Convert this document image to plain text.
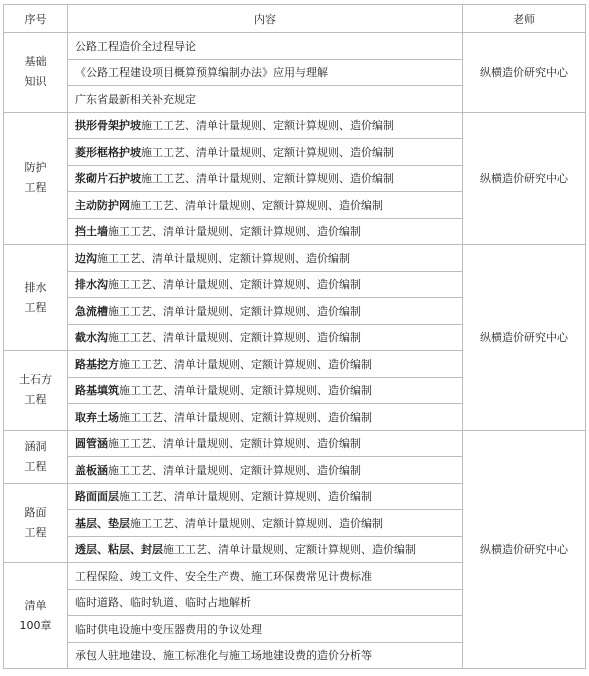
序号	内容	老师

基础
知识	公路工程造价全过程导论	纵横造价研究中心
	《公路工程建设项目概算预算编制办法》应用与理解	
	广东省最新相关补充规定	

防护
工程	拱形骨架护坡施工工艺、清单计量规则、定额计算规则、造价编制	纵横造价研究中心
	菱形框格护坡施工工艺、清单计量规则、定额计算规则、造价编制	
	浆砌片石护坡施工工艺、清单计量规则、定额计算规则、造价编制	
	主动防护网施工工艺、清单计量规则、定额计算规则、造价编制	
	挡土墙施工工艺、清单计量规则、定额计算规则、造价编制	

排水
工程	边沟施工工艺、清单计量规则、定额计算规则、造价编制	纵横造价研究中心
	排水沟施工工艺、清单计量规则、定额计算规则、造价编制	
	急流槽施工工艺、清单计量规则、定额计算规则、造价编制	
	截水沟施工工艺、清单计量规则、定额计算规则、造价编制	

土石方
工程	路基挖方施工工艺、清单计量规则、定额计算规则、造价编制	
	路基填筑施工工艺、清单计量规则、定额计算规则、造价编制	
	取弃土场施工工艺、清单计量规则、定额计算规则、造价编制	

涵洞
工程	圆管涵施工工艺、清单计量规则、定额计算规则、造价编制	纵横造价研究中心
	盖板涵施工工艺、清单计量规则、定额计算规则、造价编制	

路面
工程	路面面层施工工艺、清单计量规则、定额计算规则、造价编制	
	基层、垫层施工工艺、清单计量规则、定额计算规则、造价编制	
	透层、粘层、封层施工工艺、清单计量规则、定额计算规则、造价编制	

清单
100章	工程保险、竣工文件、安全生产费、施工环保费常见计费标准	
	临时道路、临时轨道、临时占地解析	
	临时供电设施中变压器费用的争议处理	
	承包人驻地建设、施工标准化与施工场地建设费的造价分析等	
